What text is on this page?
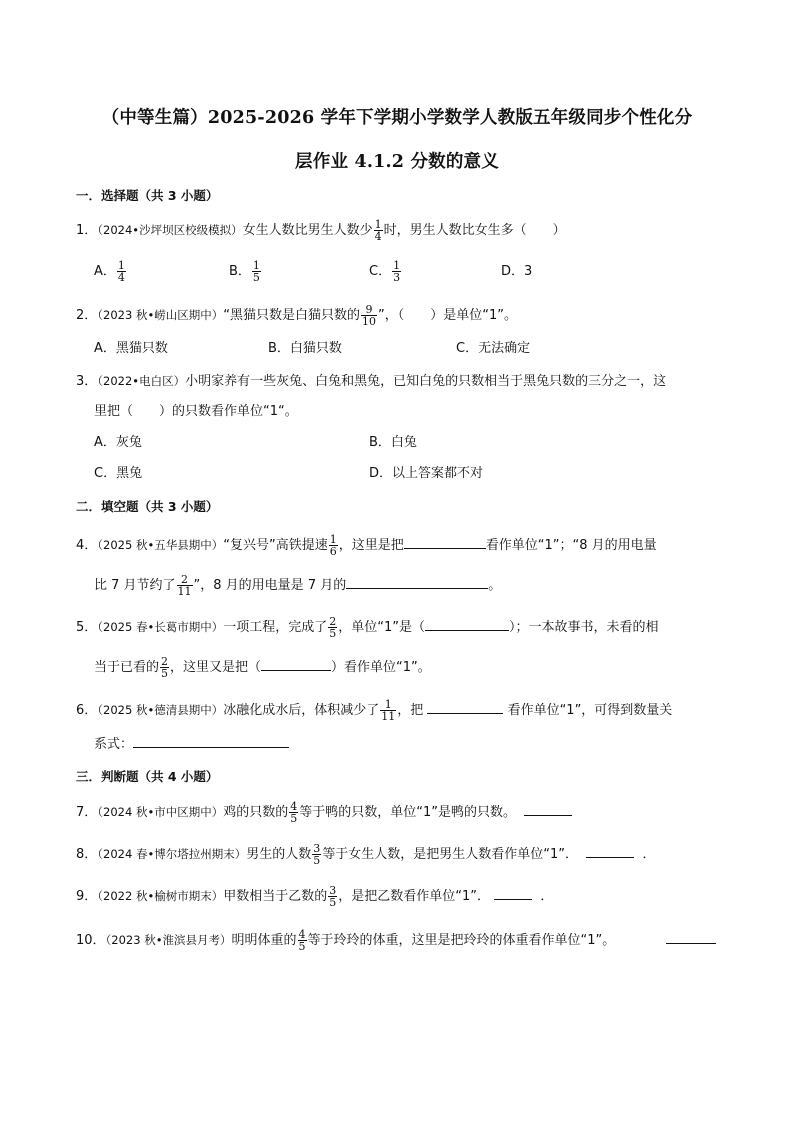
（中等生篇）2025-2026 学年下学期小学数学人教版五年级同步个性化分
层作业 4.1.2 分数的意义
一．选择题（共 3 小题）
1．（2024•沙坪坝区校级模拟）女生人数比男生人数少 $\frac{1}{4}$ 时，男生人数比女生多（　　）
A． $\frac{1}{4}$	B． $\frac{1}{5}$	C． $\frac{1}{3}$	D．3
2．（2023 秋•崂山区期中）“黑猫只数是白猫只数的 $\frac{9}{10}$ ”，（　　）是单位“1”。
A．黑猫只数	B．白猫只数	C．无法确定
3．（2022•电白区）小明家养有一些灰兔、白兔和黑兔，已知白兔的只数相当于黑兔只数的三分之一，这
里把（　　）的只数看作单位“1“。
A．灰兔	B．白兔
C．黑兔	D．以上答案都不对
二．填空题（共 3 小题）
4．（2025 秋•五华县期中）“复兴号”高铁提速 $\frac{1}{6}$ ，这里是把	看作单位“1”；“8 月的用电量
比 7 月节约了 $\frac{2}{11}$ ”，8 月的用电量是 7 月的	。
5．（2025 春•长葛市期中）一项工程，完成了 $\frac{2}{5}$ ，单位“1”是（	）；一本故事书，未看的相
当于已看的 $\frac{2}{5}$ ，这里又是把（	）看作单位“1”。
6．（2025 秋•德清县期中）冰融化成水后，体积减少了 $\frac{1}{11}$ ，把	看作单位“1”，可得到数量关
系式：
三．判断题（共 4 小题）
7．（2024 秋•市中区期中）鸡的只数的 $\frac{4}{5}$ 等于鸭的只数，单位“1”是鸭的只数。
8．（2024 春•博尔塔拉州期末）男生的人数 $\frac{3}{5}$ 等于女生人数，是把男生人数看作单位“1”．	．
9．（2022 秋•榆树市期末）甲数相当于乙数的 $\frac{3}{5}$ ，是把乙数看作单位“1”．	．
10．（2023 秋•淮滨县月考）明明体重的 $\frac{4}{5}$ 等于玲玲的体重，这里是把玲玲的体重看作单位“1”。
